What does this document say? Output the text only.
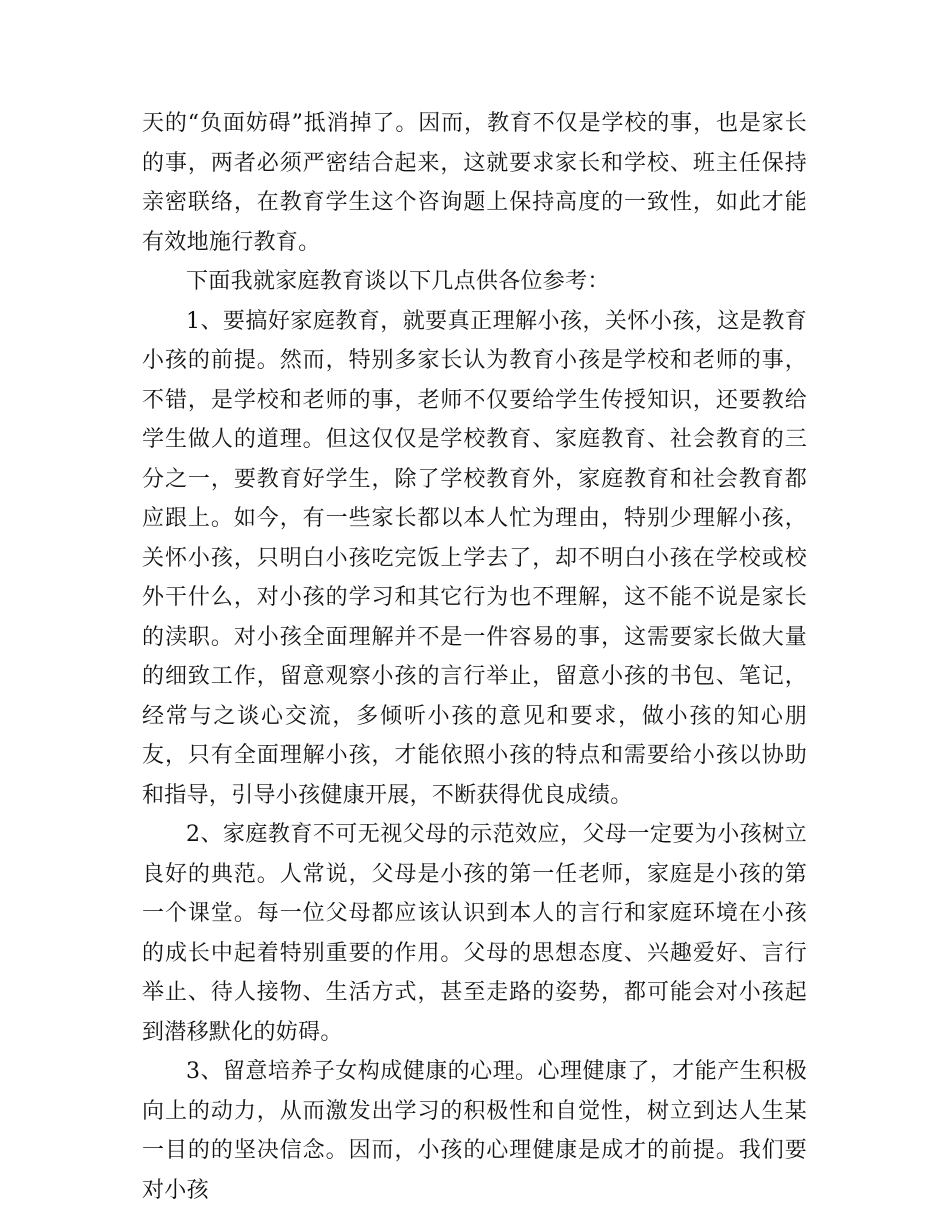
天的“负面妨碍”抵消掉了。因而，教育不仅是学校的事，也是家长的事，两者必须严密结合起来，这就要求家长和学校、班主任保持亲密联络，在教育学生这个咨询题上保持高度的一致性，如此才能有效地施行教育。

下面我就家庭教育谈以下几点供各位参考：

1、要搞好家庭教育，就要真正理解小孩，关怀小孩，这是教育小孩的前提。然而，特别多家长认为教育小孩是学校和老师的事，不错，是学校和老师的事，老师不仅要给学生传授知识，还要教给学生做人的道理。但这仅仅是学校教育、家庭教育、社会教育的三分之一，要教育好学生，除了学校教育外，家庭教育和社会教育都应跟上。如今，有一些家长都以本人忙为理由，特别少理解小孩，关怀小孩，只明白小孩吃完饭上学去了，却不明白小孩在学校或校外干什么，对小孩的学习和其它行为也不理解，这不能不说是家长的渎职。对小孩全面理解并不是一件容易的事，这需要家长做大量的细致工作，留意观察小孩的言行举止，留意小孩的书包、笔记，经常与之谈心交流，多倾听小孩的意见和要求，做小孩的知心朋友，只有全面理解小孩，才能依照小孩的特点和需要给小孩以协助和指导，引导小孩健康开展，不断获得优良成绩。

2、家庭教育不可无视父母的示范效应，父母一定要为小孩树立良好的典范。人常说，父母是小孩的第一任老师，家庭是小孩的第一个课堂。每一位父母都应该认识到本人的言行和家庭环境在小孩的成长中起着特别重要的作用。父母的思想态度、兴趣爱好、言行举止、待人接物、生活方式，甚至走路的姿势，都可能会对小孩起到潜移默化的妨碍。

3、留意培养子女构成健康的心理。心理健康了，才能产生积极向上的动力，从而激发出学习的积极性和自觉性，树立到达人生某一目的的坚决信念。因而，小孩的心理健康是成才的前提。我们要对小孩
